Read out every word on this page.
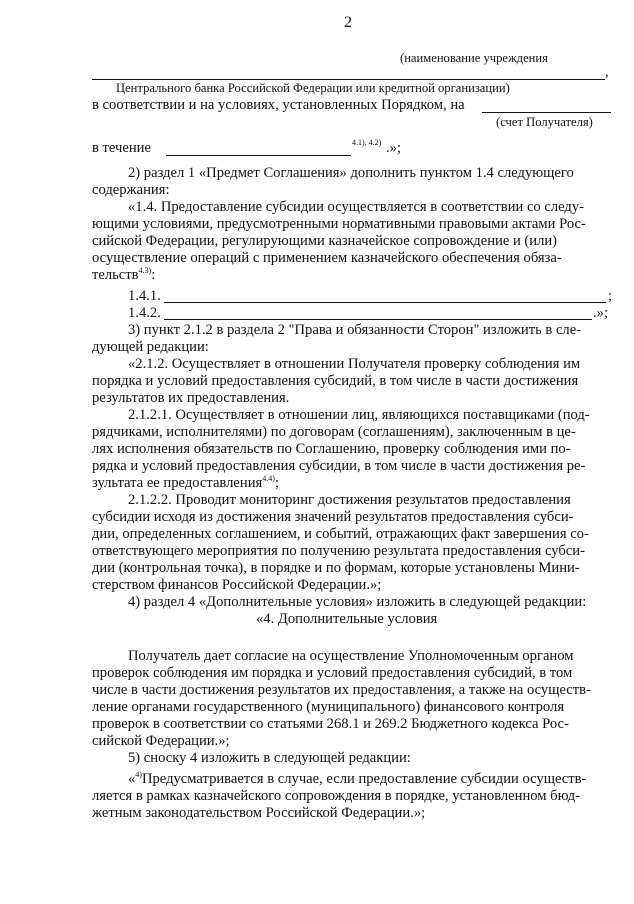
2
(наименование учреждения
,
Центрального банка Российской Федерации или кредитной организации)
в соответствии и на условиях, установленных Порядком, на
(счет Получателя)
в течение	4.1), 4.2) .»;
2) раздел 1 «Предмет Соглашения» дополнить пунктом 1.4 следующего
содержания:
«1.4. Предоставление субсидии осуществляется в соответствии со следу-
ющими условиями, предусмотренными нормативными правовыми актами Рос-
сийской Федерации, регулирующими казначейское сопровождение и (или)
осуществление операций с применением казначейского обеспечения обяза-
тельств$^{4.3)}$:
1.4.1.	;
1.4.2.	.»;
3) пункт 2.1.2 в раздела 2 "Права и обязанности Сторон" изложить в сле-
дующей редакции:
«2.1.2. Осуществляет в отношении Получателя проверку соблюдения им
порядка и условий предоставления субсидий, в том числе в части достижения
результатов их предоставления.
2.1.2.1. Осуществляет в отношении лиц, являющихся поставщиками (под-
рядчиками, исполнителями) по договорам (соглашениям), заключенным в це-
лях исполнения обязательств по Соглашению, проверку соблюдения ими по-
рядка и условий предоставления субсидии, в том числе в части достижения ре-
зультата ее предоставления$^{4.4)}$;
2.1.2.2. Проводит мониторинг достижения результатов предоставления
субсидии исходя из достижения значений результатов предоставления субси-
дии, определенных соглашением, и событий, отражающих факт завершения со-
ответствующего мероприятия по получению результата предоставления субси-
дии (контрольная точка), в порядке и по формам, которые установлены Мини-
стерством финансов Российской Федерации.»;
4) раздел 4 «Дополнительные условия» изложить в следующей редакции:
«4. Дополнительные условия
Получатель дает согласие на осуществление Уполномоченным органом
проверок соблюдения им порядка и условий предоставления субсидий, в том
числе в части достижения результатов их предоставления, а также на осуществ-
ление органами государственного (муниципального) финансового контроля
проверок в соответствии со статьями 268.1 и 269.2 Бюджетного кодекса Рос-
сийской Федерации.»;
5) сноску 4 изложить в следующей редакции:
«$^{4)}$Предусматривается в случае, если предоставление субсидии осуществ-
ляется в рамках казначейского сопровождения в порядке, установленном бюд-
жетным законодательством Российской Федерации.»;
